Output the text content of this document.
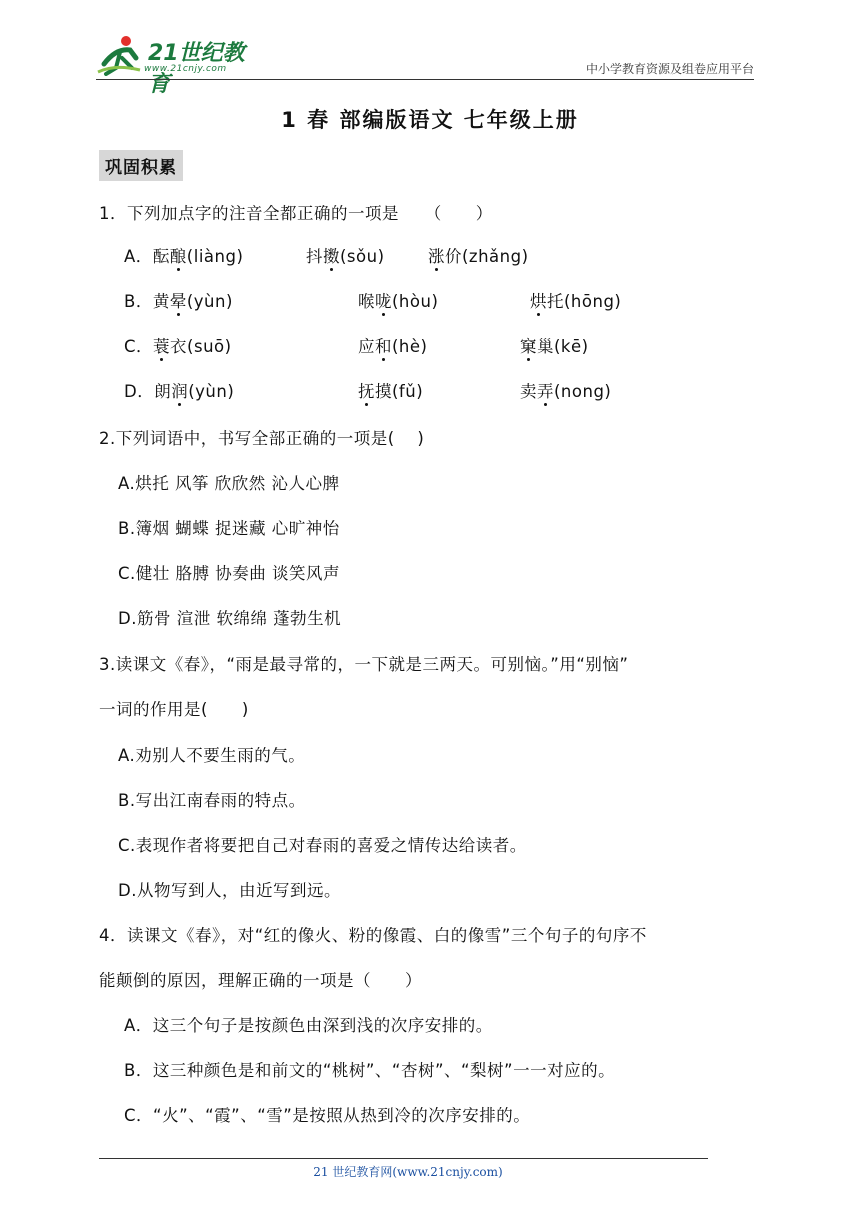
21世纪教育
www.21cnjy.com	中小学教育资源及组卷应用平台
1 春 部编版语文 七年级上册
巩固积累
1．下列加点字的注音全都正确的一项是　　（　　）
A．酝酿(liàng)	抖擞(sǒu)	涨价(zhǎng)
B．黄晕(yùn)	喉咙(hòu)	烘托(hōng)
C．蓑衣(suō)	应和(hè)	窠巢(kē)
D．朗润(yùn)	抚摸(fǔ)	卖弄(nong)
2.下列词语中，书写全部正确的一项是(　 )
A.烘托 风筝 欣欣然 沁人心脾
B.簿烟 蝴蝶 捉迷藏 心旷神怡
C.健壮 胳膊 协奏曲 谈笑风声
D.筋骨 渲泄 软绵绵 蓬勃生机
3.读课文《春》，“雨是最寻常的，一下就是三两天。可别恼。”用“别恼”
一词的作用是(　　)
A.劝别人不要生雨的气。
B.写出江南春雨的特点。
C.表现作者将要把自己对春雨的喜爱之情传达给读者。
D.从物写到人，由近写到远。
4．读课文《春》，对“红的像火、粉的像霞、白的像雪”三个句子的句序不
能颠倒的原因，理解正确的一项是（　　）
A．这三个句子是按颜色由深到浅的次序安排的。
B．这三种颜色是和前文的“桃树”、“杏树”、“梨树”一一对应的。
C．“火”、“霞”、“雪”是按照从热到冷的次序安排的。
21 世纪教育网(www.21cnjy.com)
